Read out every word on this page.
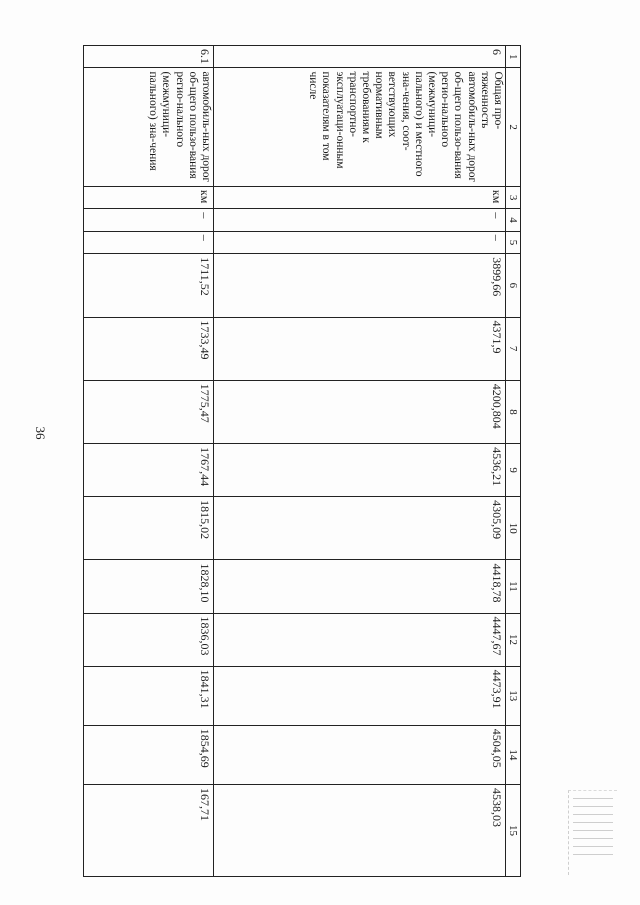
36
1	2	3	4	5	6	7	8	9	10	11	12	13	14	15
6	Общая про-тяженность автомобиль-ных дорог об-щего пользо-вания регио-нального (межмуници-пального) и местного зна-чения, соот-ветствующих нормативным требованиям к транспортно-эксплуатаци-онным показателям в том числе	км	–	–	3899,66	4371,9	4200,804	4536,21	4305,09	4418,78	4447,67	4473,91	4504,05	4538,03
6.1	автомобиль-ных дорог об-щего пользо-вания регио-нального (межмуници-пального) зна-чения	км	–	–	1711,52	1733,49	1775,47	1767,44	1815,02	1828,10	1836,03	1841,31	1854,69	167,71
